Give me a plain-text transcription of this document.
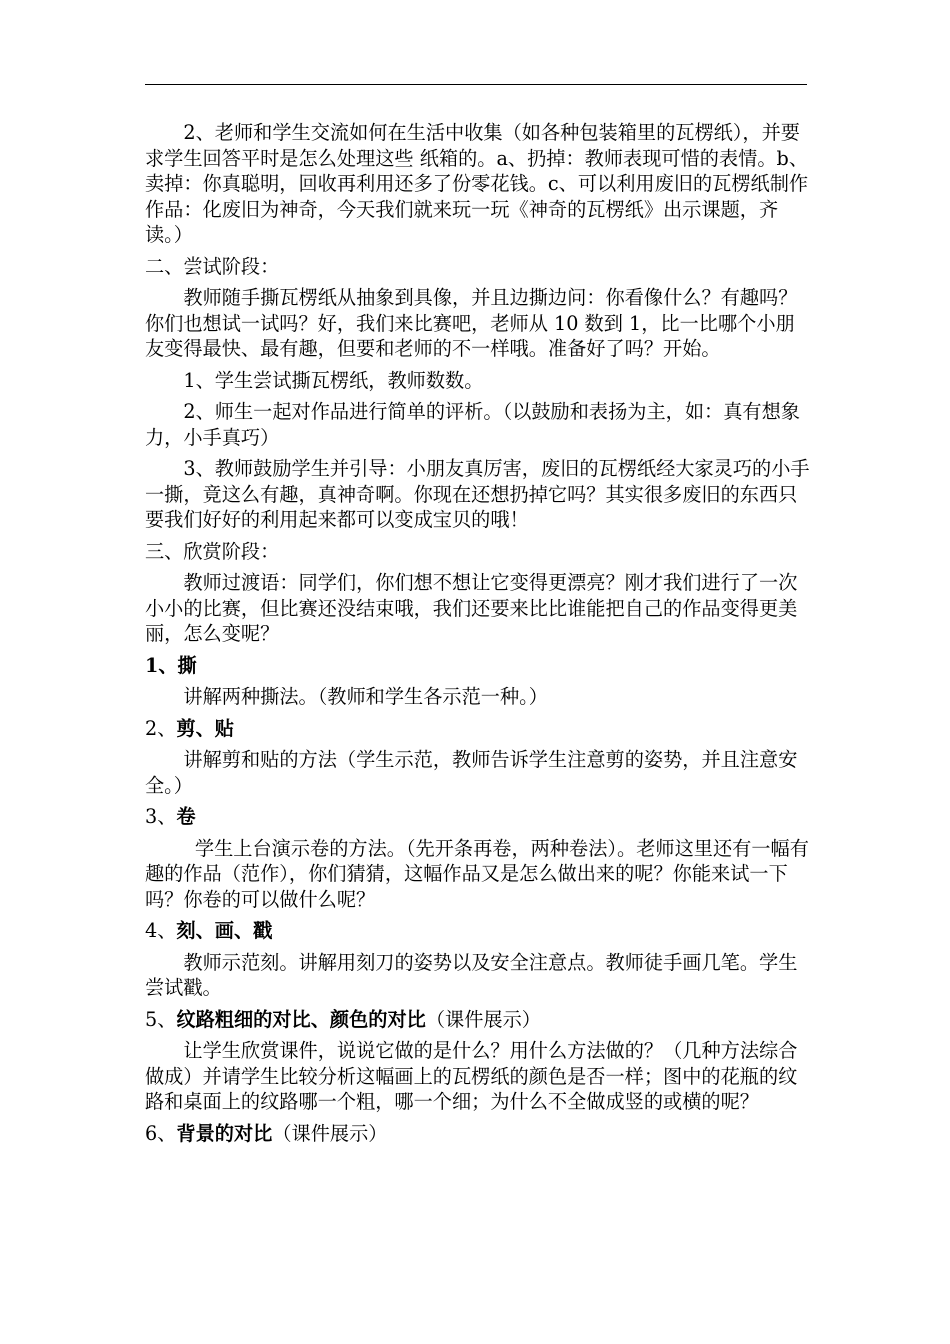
2、老师和学生交流如何在生活中收集（如各种包装箱里的瓦楞纸），并要求学生回答平时是怎么处理这些 纸箱的。a、扔掉：教师表现可惜的表情。b、卖掉：你真聪明，回收再利用还多了份零花钱。c、可以利用废旧的瓦楞纸制作作品：化废旧为神奇，今天我们就来玩一玩《神奇的瓦楞纸》出示课题，齐读。）

二、尝试阶段：

教师随手撕瓦楞纸从抽象到具像，并且边撕边问：你看像什么？有趣吗？你们也想试一试吗？好，我们来比赛吧，老师从 10 数到 1，比一比哪个小朋友变得最快、最有趣，但要和老师的不一样哦。准备好了吗？开始。

1、学生尝试撕瓦楞纸，教师数数。

2、师生一起对作品进行简单的评析。（以鼓励和表扬为主，如：真有想象力，小手真巧）

3、教师鼓励学生并引导：小朋友真厉害，废旧的瓦楞纸经大家灵巧的小手一撕，竟这么有趣，真神奇啊。你现在还想扔掉它吗？其实很多废旧的东西只要我们好好的利用起来都可以变成宝贝的哦！

三、欣赏阶段：

教师过渡语：同学们，你们想不想让它变得更漂亮？刚才我们进行了一次小小的比赛，但比赛还没结束哦，我们还要来比比谁能把自己的作品变得更美丽，怎么变呢？

1、撕

讲解两种撕法。（教师和学生各示范一种。）

2、剪、贴

讲解剪和贴的方法（学生示范，教师告诉学生注意剪的姿势，并且注意安全。）

3、卷

学生上台演示卷的方法。（先开条再卷，两种卷法）。老师这里还有一幅有趣的作品（范作），你们猜猜，这幅作品又是怎么做出来的呢？你能来试一下吗？你卷的可以做什么呢？

4、刻、画、戳

教师示范刻。讲解用刻刀的姿势以及安全注意点。教师徒手画几笔。学生尝试戳。

5、纹路粗细的对比、颜色的对比（课件展示）

让学生欣赏课件，说说它做的是什么？用什么方法做的？（几种方法综合做成）并请学生比较分析这幅画上的瓦楞纸的颜色是否一样；图中的花瓶的纹路和桌面上的纹路哪一个粗，哪一个细；为什么不全做成竖的或横的呢？

6、背景的对比（课件展示）
